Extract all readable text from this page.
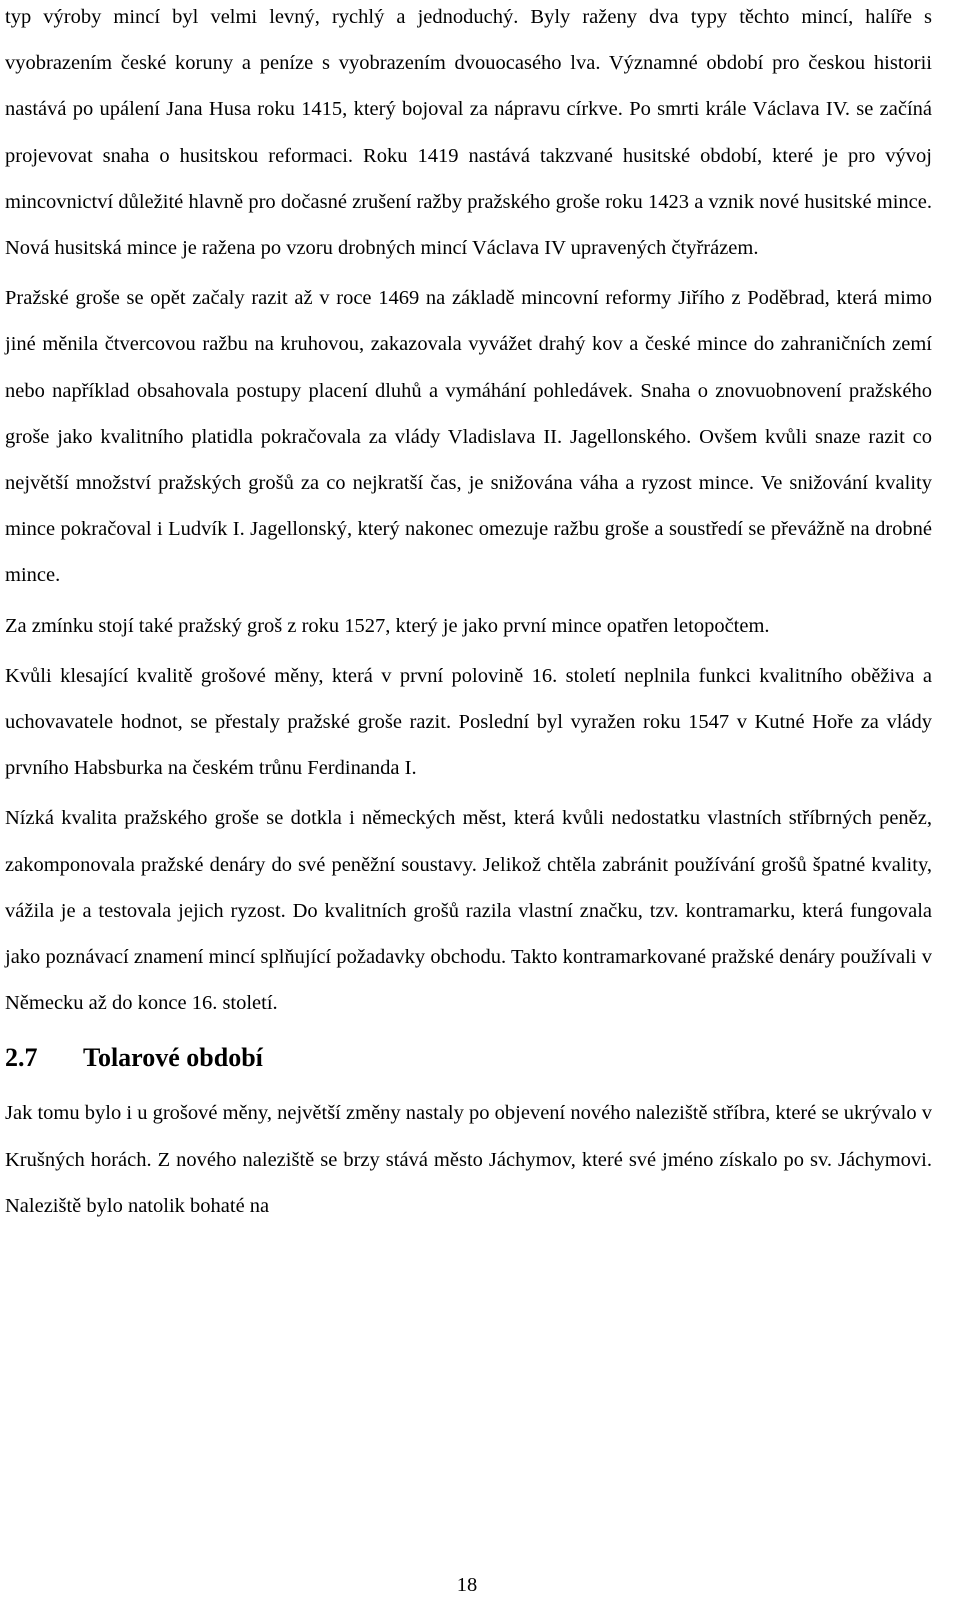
typ výroby mincí byl velmi levný, rychlý a jednoduchý. Byly raženy dva typy těchto mincí, halíře s vyobrazením české koruny a peníze s vyobrazením dvouocasého lva. Významné období pro českou historii nastává po upálení Jana Husa roku 1415, který bojoval za nápravu církve. Po smrti krále Václava IV. se začíná projevovat snaha o husitskou reformaci. Roku 1419 nastává takzvané husitské období, které je pro vývoj mincovnictví důležité hlavně pro dočasné zrušení ražby pražského groše roku 1423 a vznik nové husitské mince. Nová husitská mince je ražena po vzoru drobných mincí Václava IV upravených čtyřrázem.

Pražské groše se opět začaly razit až v roce 1469 na základě mincovní reformy Jiřího z Poděbrad, která mimo jiné měnila čtvercovou ražbu na kruhovou, zakazovala vyvážet drahý kov a české mince do zahraničních zemí nebo například obsahovala postupy placení dluhů a vymáhání pohledávek. Snaha o znovuobnovení pražského groše jako kvalitního platidla pokračovala za vlády Vladislava II. Jagellonského. Ovšem kvůli snaze razit co největší množství pražských grošů za co nejkratší čas, je snižována váha a ryzost mince. Ve snižování kvality mince pokračoval i Ludvík I. Jagellonský, který nakonec omezuje ražbu groše a soustředí se převážně na drobné mince.

Za zmínku stojí také pražský groš z roku 1527, který je jako první mince opatřen letopočtem.

Kvůli klesající kvalitě grošové měny, která v první polovině 16. století neplnila funkci kvalitního oběživa a uchovavatele hodnot, se přestaly pražské groše razit. Poslední byl vyražen roku 1547 v Kutné Hoře za vlády prvního Habsburka na českém trůnu Ferdinanda I.

Nízká kvalita pražského groše se dotkla i německých měst, která kvůli nedostatku vlastních stříbrných peněz, zakomponovala pražské denáry do své peněžní soustavy. Jelikož chtěla zabránit používání grošů špatné kvality, vážila je a testovala jejich ryzost. Do kvalitních grošů razila vlastní značku, tzv. kontramarku, která fungovala jako poznávací znamení mincí splňující požadavky obchodu. Takto kontramarkované pražské denáry používali v Německu až do konce 16. století.

2.7	Tolarové období

Jak tomu bylo i u grošové měny, největší změny nastaly po objevení nového naleziště stříbra, které se ukrývalo v Krušných horách. Z nového naleziště se brzy stává město Jáchymov, které své jméno získalo po sv. Jáchymovi. Naleziště bylo natolik bohaté na

18
